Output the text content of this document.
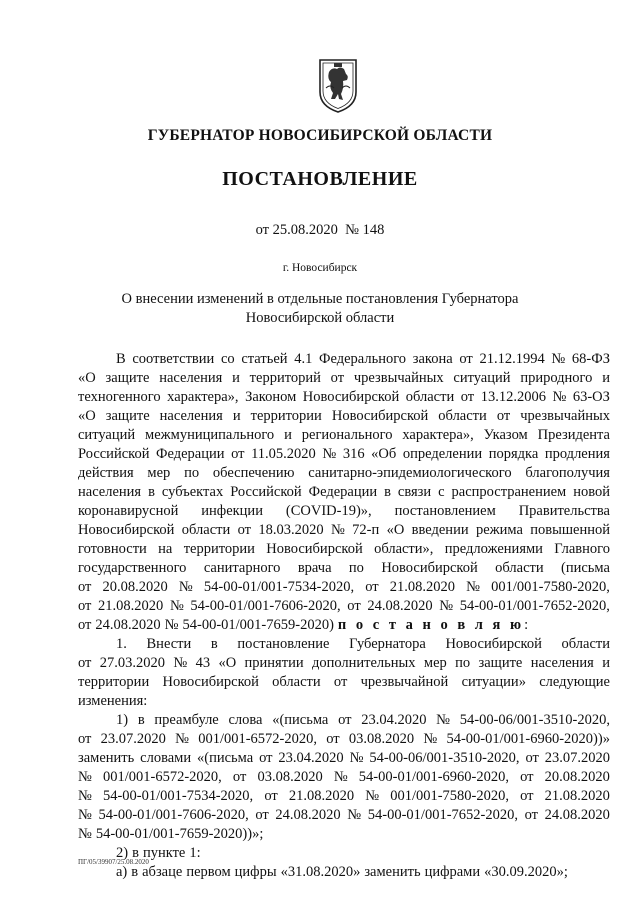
ГУБЕРНАТОР НОВОСИБИРСКОЙ ОБЛАСТИ
ПОСТАНОВЛЕНИЕ
от 25.08.2020  № 148
г. Новосибирск
О внесении изменений в отдельные постановления Губернатора
Новосибирской области
В соответствии со статьей 4.1 Федерального закона от 21.12.1994 № 68-ФЗ
«О защите населения и территорий от чрезвычайных ситуаций природного и
техногенного характера», Законом Новосибирской области от 13.12.2006 № 63-ОЗ
«О защите населения и территории Новосибирской области от чрезвычайных
ситуаций межмуниципального и регионального характера», Указом Президента
Российской Федерации от 11.05.2020 № 316 «Об определении порядка продления
действия мер по обеспечению санитарно-эпидемиологического благополучия
населения в субъектах Российской Федерации в связи с распространением новой
коронавирусной инфекции (COVID-19)», постановлением Правительства
Новосибирской области от 18.03.2020 № 72-п «О введении режима повышенной
готовности на территории Новосибирской области», предложениями Главного
государственного санитарного врача по Новосибирской области (письма
от 20.08.2020 № 54-00-01/001-7534-2020, от 21.08.2020 № 001/001-7580-2020,
от 21.08.2020 № 54-00-01/001-7606-2020, от 24.08.2020 № 54-00-01/001-7652-2020,
от 24.08.2020 № 54-00-01/001-7659-2020) п о с т а н о в л я ю :
1. Внести в постановление Губернатора Новосибирской области
от 27.03.2020 № 43 «О принятии дополнительных мер по защите населения и
территории Новосибирской области от чрезвычайной ситуации» следующие
изменения:
1) в преамбуле слова «(письма от 23.04.2020 № 54-00-06/001-3510-2020,
от 23.07.2020 № 001/001-6572-2020, от 03.08.2020 № 54-00-01/001-6960-2020))»
заменить словами «(письма от 23.04.2020 № 54-00-06/001-3510-2020, от 23.07.2020
№ 001/001-6572-2020, от 03.08.2020 № 54-00-01/001-6960-2020, от 20.08.2020
№ 54-00-01/001-7534-2020, от 21.08.2020 № 001/001-7580-2020, от 21.08.2020
№ 54-00-01/001-7606-2020, от 24.08.2020 № 54-00-01/001-7652-2020, от 24.08.2020
№ 54-00-01/001-7659-2020))»;
2) в пункте 1:
а) в абзаце первом цифры «31.08.2020» заменить цифрами «30.09.2020»;
ПГ/05/39907/25.08.2020
